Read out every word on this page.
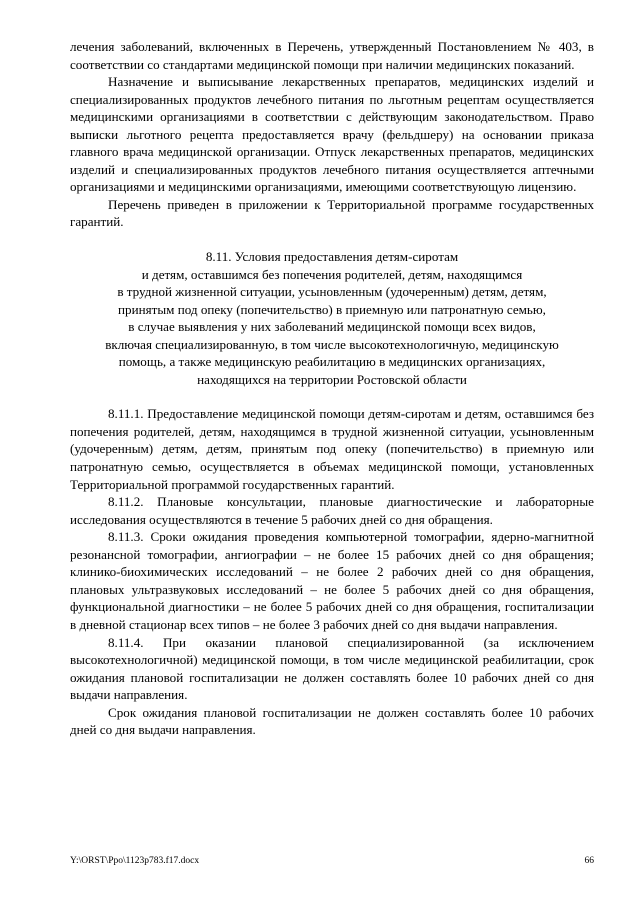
лечения заболеваний, включенных в Перечень, утвержденный Постановлением № 403, в соответствии со стандартами медицинской помощи при наличии медицинских показаний.

Назначение и выписывание лекарственных препаратов, медицинских изделий и специализированных продуктов лечебного питания по льготным рецептам осуществляется медицинскими организациями в соответствии с действующим законодательством. Право выписки льготного рецепта предоставляется врачу (фельдшеру) на основании приказа главного врача медицинской организации. Отпуск лекарственных препаратов, медицинских изделий и специализированных продуктов лечебного питания осуществляется аптечными организациями и медицинскими организациями, имеющими соответствующую лицензию.

Перечень приведен в приложении к Территориальной программе государственных гарантий.

8.11. Условия предоставления детям-сиротам

и детям, оставшимся без попечения родителей, детям, находящимся

в трудной жизненной ситуации, усыновленным (удочеренным) детям, детям,

принятым под опеку (попечительство) в приемную или патронатную семью,

в случае выявления у них заболеваний медицинской помощи всех видов,

включая специализированную, в том числе высокотехнологичную, медицинскую

помощь, а также медицинскую реабилитацию в медицинских организациях,

находящихся на территории Ростовской области

8.11.1. Предоставление медицинской помощи детям-сиротам и детям, оставшимся без попечения родителей, детям, находящимся в трудной жизненной ситуации, усыновленным (удочеренным) детям, детям, принятым под опеку (попечительство) в приемную или патронатную семью, осуществляется в объемах медицинской помощи, установленных Территориальной программой государственных гарантий.

8.11.2. Плановые консультации, плановые диагностические и лабораторные исследования осуществляются в течение 5 рабочих дней со дня обращения.

8.11.3. Сроки ожидания проведения компьютерной томографии, ядерно-магнитной резонансной томографии, ангиографии – не более 15 рабочих дней со дня обращения; клинико-биохимических исследований – не более 2 рабочих дней со дня обращения, плановых ультразвуковых исследований – не более 5 рабочих дней со дня обращения, функциональной диагностики – не более 5 рабочих дней со дня обращения, госпитализации в дневной стационар всех типов – не более 3 рабочих дней со дня выдачи направления.

8.11.4. При оказании плановой специализированной (за исключением высокотехнологичной) медицинской помощи, в том числе медицинской реабилитации, срок ожидания плановой госпитализации не должен составлять более 10 рабочих дней со дня выдачи направления.

Срок ожидания плановой госпитализации не должен составлять более 10 рабочих дней со дня выдачи направления.

Y:\ORST\Ppo\1123p783.f17.docx	66
